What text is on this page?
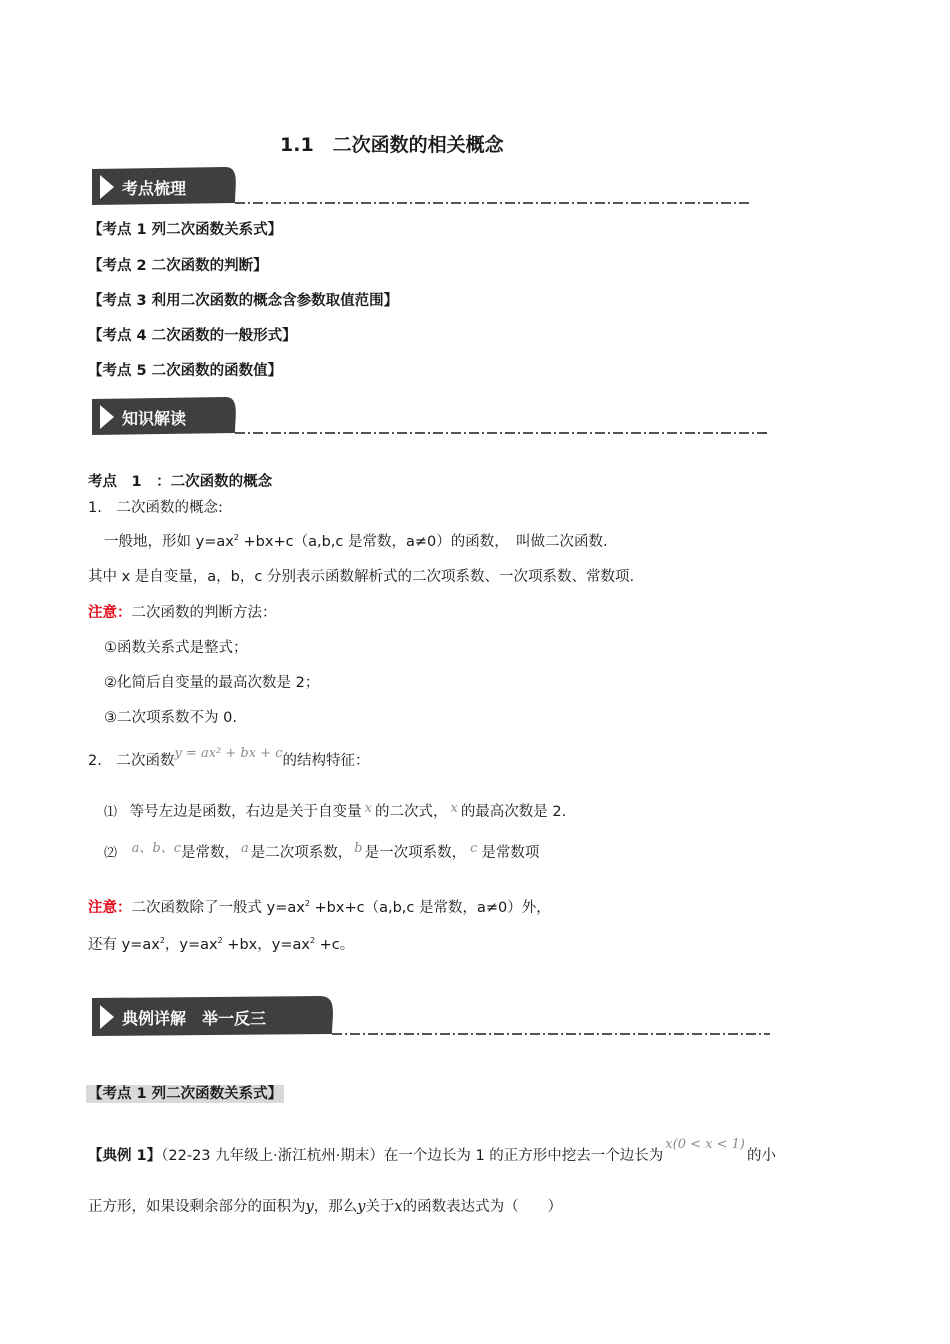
1.1　二次函数的相关概念
考点梳理
【考点 1 列二次函数关系式】
【考点 2 二次函数的判断】
【考点 3 利用二次函数的概念含参数取值范围】
【考点 4 二次函数的一般形式】
【考点 5 二次函数的函数值】
知识解读
考点　1　：二次函数的概念
1. 二次函数的概念:
一般地，形如 $y=ax^2 +bx+c(a,b,c$ 是常数，a≠0）的函数，　叫做二次函数.
其中 x 是自变量，a，b，c 分别表示函数解析式的二次项系数、一次项系数、常数项.
注意：二次函数的判断方法：
①函数关系式是整式；
②化简后自变量的最高次数是 2；
③二次项系数不为 0.
2. 二次函数y = ax² + bx + c的结构特征：
⑴ 等号左边是函数，右边是关于自变量 x 的二次式， x 的最高次数是 2.
⑵ a、b、c是常数， a 是二次项系数， b 是一次项系数， c 是常数项
注意：二次函数除了一般式 $y=ax^2 +bx+c(a,b,c$ 是常数，a≠0）外，
还有 $y=ax^2$，$y=ax^2 +bx$，$y=ax^2 +c$。
典例详解　举一反三
【考点 1 列二次函数关系式】
【典例 1】（22-23 九年级上·浙江杭州·期末）在一个边长为 1 的正方形中挖去一个边长为x(0 < x < 1)的小
正方形，如果设剩余部分的面积为y，那么y关于x的函数表达式为（　　）
